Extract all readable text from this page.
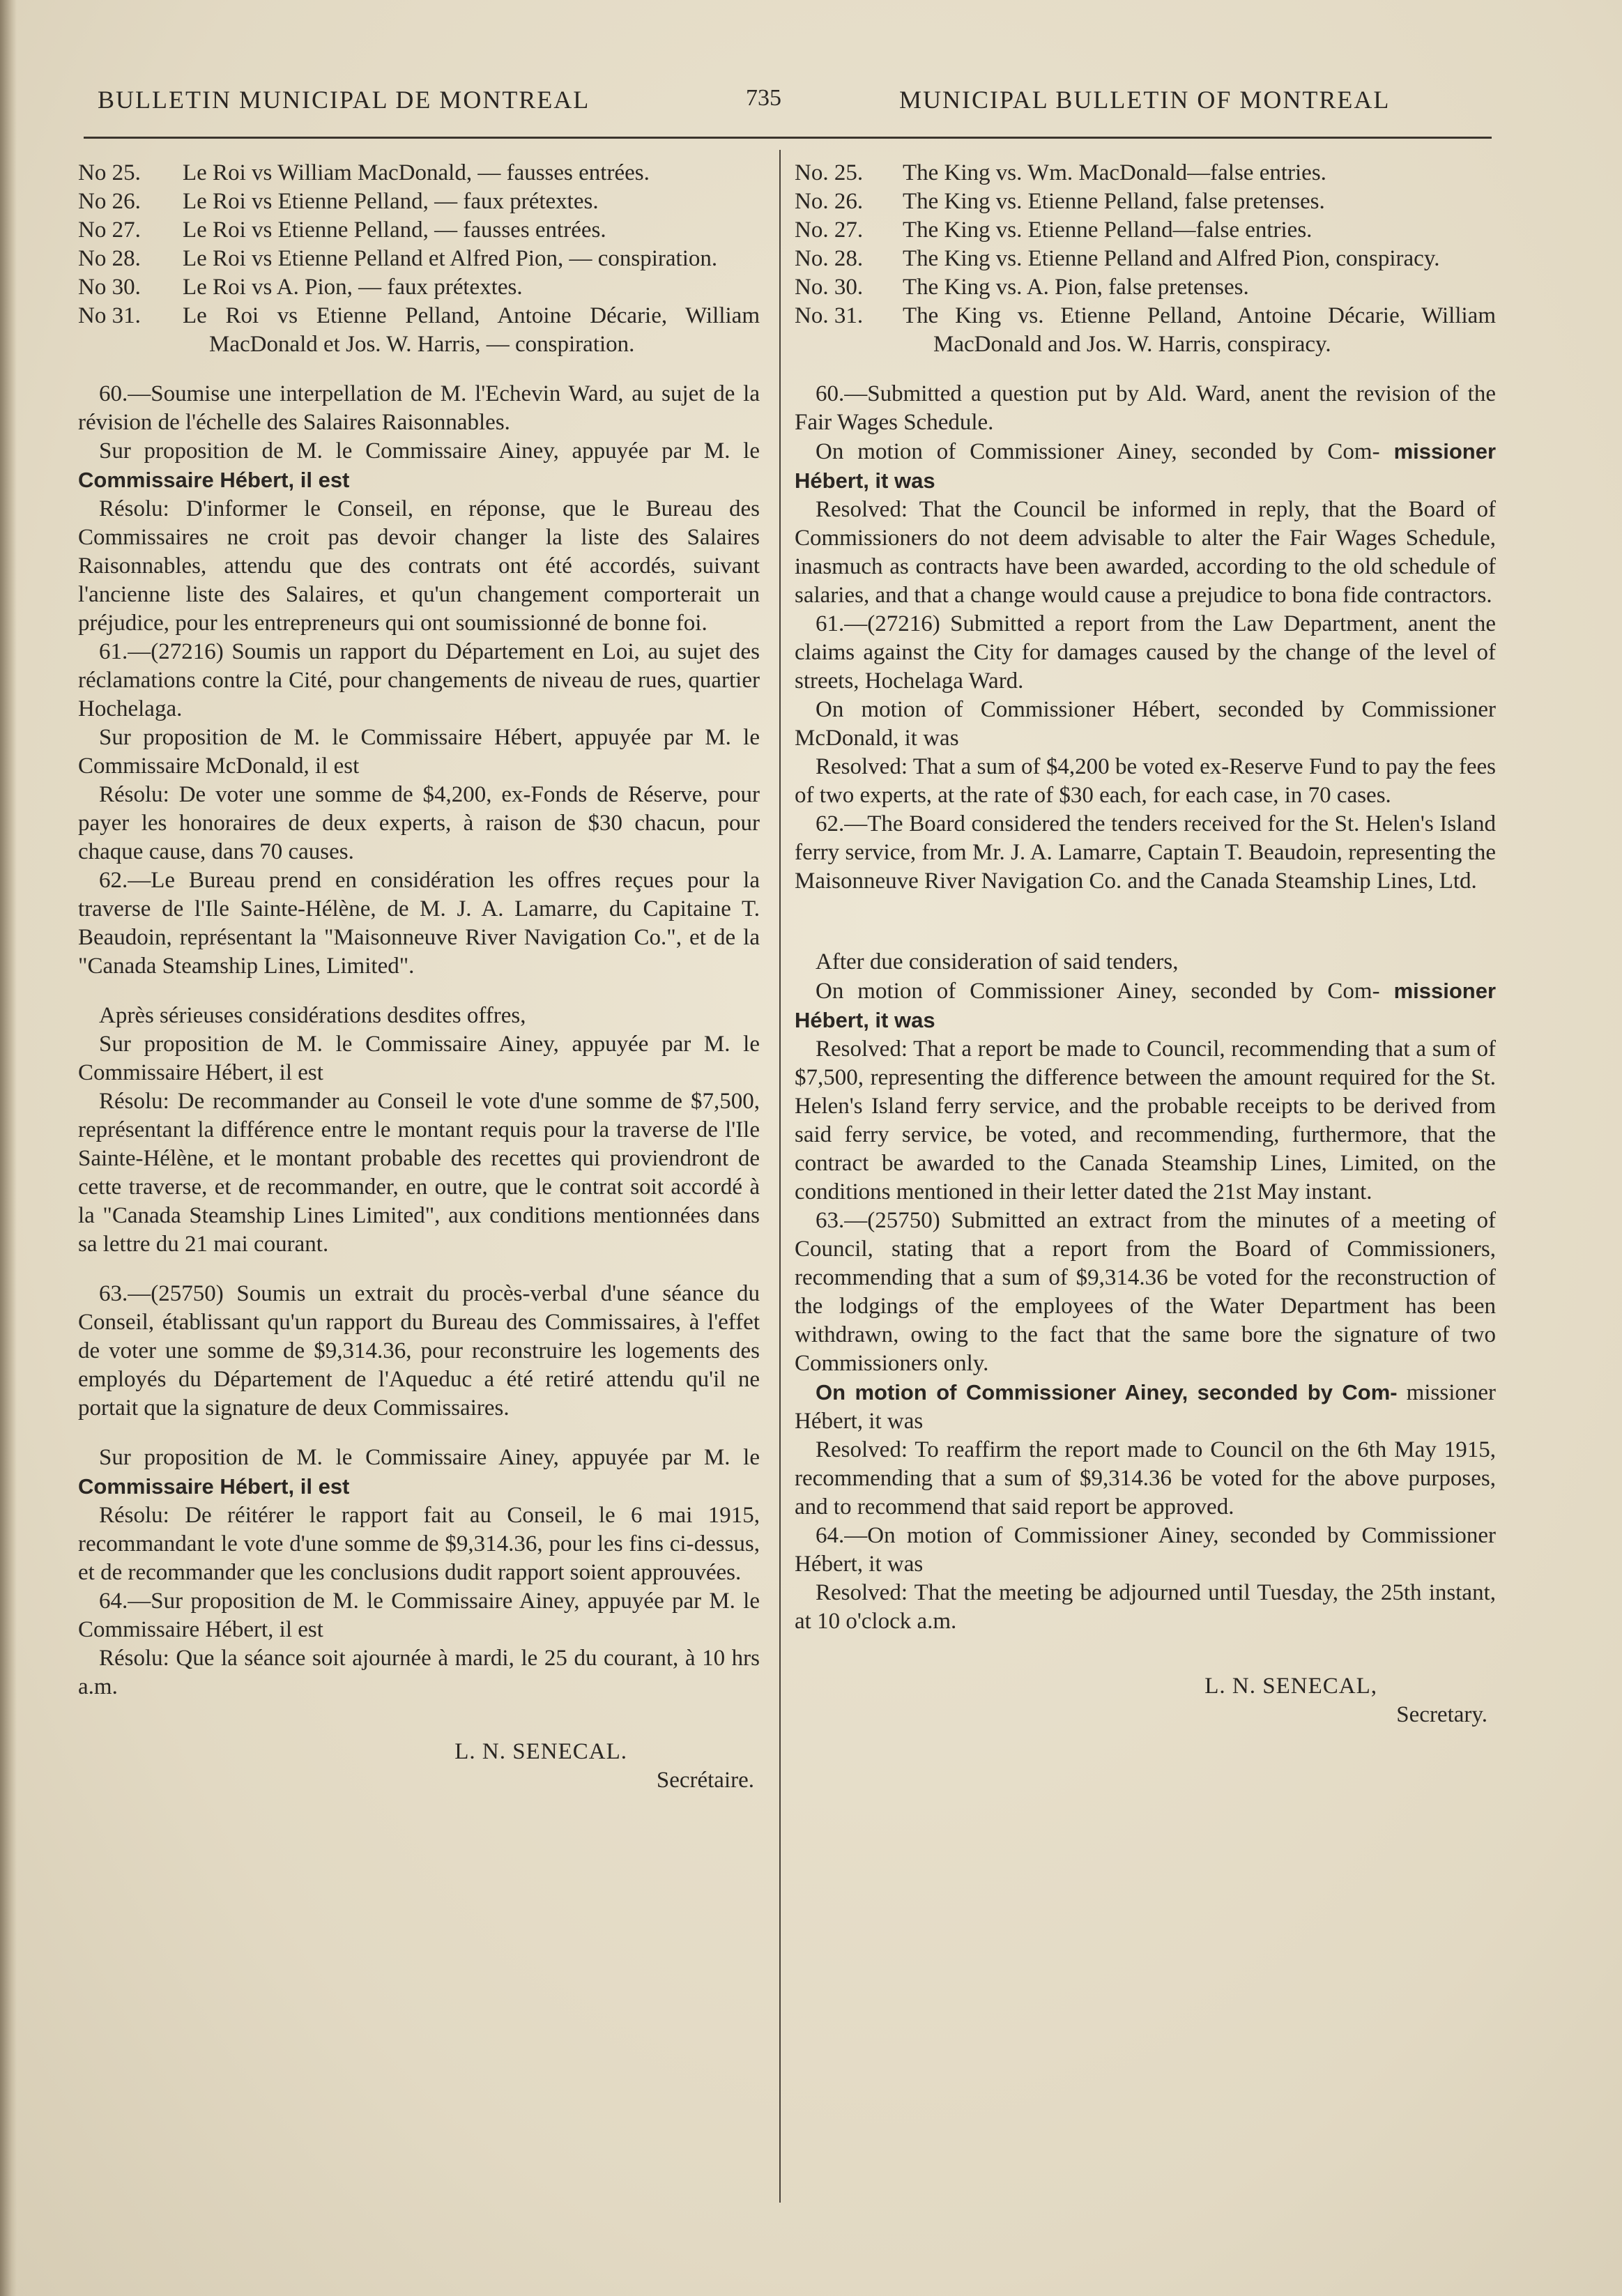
BULLETIN MUNICIPAL DE MONTREAL	735	MUNICIPAL BULLETIN OF MONTREAL
No 25.	Le Roi vs William MacDonald, — fausses entrées.
No 26.	Le Roi vs Etienne Pelland, — faux prétextes.
No 27.	Le Roi vs Etienne Pelland, — fausses entrées.
No 28.	Le Roi vs Etienne Pelland et Alfred Pion, — conspiration.
No 30.	Le Roi vs A. Pion, — faux prétextes.
No 31.	Le Roi vs Etienne Pelland, Antoine Décarie, William MacDonald et Jos. W. Harris, — conspiration.

60.—Soumise une interpellation de M. l'Echevin Ward, au sujet de la révision de l'échelle des Salaires Raisonnables.

Sur proposition de M. le Commissaire Ainey, appuyée par M. le Commissaire Hébert, il est

Résolu: D'informer le Conseil, en réponse, que le Bureau des Commissaires ne croit pas devoir changer la liste des Salaires Raisonnables, attendu que des contrats ont été accordés, suivant l'ancienne liste des Salaires, et qu'un changement comporterait un préjudice, pour les entrepreneurs qui ont soumissionné de bonne foi.

61.—(27216) Soumis un rapport du Département en Loi, au sujet des réclamations contre la Cité, pour changements de niveau de rues, quartier Hochelaga.

Sur proposition de M. le Commissaire Hébert, appuyée par M. le Commissaire McDonald, il est

Résolu: De voter une somme de $4,200, ex-Fonds de Réserve, pour payer les honoraires de deux experts, à raison de $30 chacun, pour chaque cause, dans 70 causes.

62.—Le Bureau prend en considération les offres reçues pour la traverse de l'Ile Sainte-Hélène, de M. J. A. Lamarre, du Capitaine T. Beaudoin, représentant la "Maisonneuve River Navigation Co.", et de la "Canada Steamship Lines, Limited".

Après sérieuses considérations desdites offres,

Sur proposition de M. le Commissaire Ainey, appuyée par M. le Commissaire Hébert, il est

Résolu: De recommander au Conseil le vote d'une somme de $7,500, représentant la différence entre le montant requis pour la traverse de l'Ile Sainte-Hélène, et le montant probable des recettes qui proviendront de cette traverse, et de recommander, en outre, que le contrat soit accordé à la "Canada Steamship Lines Limited", aux conditions mentionnées dans sa lettre du 21 mai courant.

63.—(25750) Soumis un extrait du procès-verbal d'une séance du Conseil, établissant qu'un rapport du Bureau des Commissaires, à l'effet de voter une somme de $9,314.36, pour reconstruire les logements des employés du Département de l'Aqueduc a été retiré attendu qu'il ne portait que la signature de deux Commissaires.

Sur proposition de M. le Commissaire Ainey, appuyée par M. le Commissaire Hébert, il est

Résolu: De réitérer le rapport fait au Conseil, le 6 mai 1915, recommandant le vote d'une somme de $9,314.36, pour les fins ci-dessus, et de recommander que les conclusions dudit rapport soient approuvées.

64.—Sur proposition de M. le Commissaire Ainey, appuyée par M. le Commissaire Hébert, il est

Résolu: Que la séance soit ajournée à mardi, le 25 du courant, à 10 hrs a.m.

L. N. SENECAL.
Secrétaire.
No. 25.	The King vs. Wm. MacDonald—false entries.
No. 26.	The King vs. Etienne Pelland, false pretenses.
No. 27.	The King vs. Etienne Pelland—false entries.
No. 28.	The King vs. Etienne Pelland and Alfred Pion, conspiracy.
No. 30.	The King vs. A. Pion, false pretenses.
No. 31.	The King vs. Etienne Pelland, Antoine Décarie, William MacDonald and Jos. W. Harris, conspiracy.

60.—Submitted a question put by Ald. Ward, anent the revision of the Fair Wages Schedule.

On motion of Commissioner Ainey, seconded by Com- missioner Hébert, it was

Resolved: That the Council be informed in reply, that the Board of Commissioners do not deem advisable to alter the Fair Wages Schedule, inasmuch as contracts have been awarded, according to the old schedule of salaries, and that a change would cause a prejudice to bona fide contractors.

61.—(27216) Submitted a report from the Law Department, anent the claims against the City for damages caused by the change of the level of streets, Hochelaga Ward.

On motion of Commissioner Hébert, seconded by Commissioner McDonald, it was

Resolved: That a sum of $4,200 be voted ex-Reserve Fund to pay the fees of two experts, at the rate of $30 each, for each case, in 70 cases.

62.—The Board considered the tenders received for the St. Helen's Island ferry service, from Mr. J. A. Lamarre, Captain T. Beaudoin, representing the Maisonneuve River Navigation Co. and the Canada Steamship Lines, Ltd.

After due consideration of said tenders,

On motion of Commissioner Ainey, seconded by Com- missioner Hébert, it was

Resolved: That a report be made to Council, recommending that a sum of $7,500, representing the difference between the amount required for the St. Helen's Island ferry service, and the probable receipts to be derived from said ferry service, be voted, and recommending, furthermore, that the contract be awarded to the Canada Steamship Lines, Limited, on the conditions mentioned in their letter dated the 21st May instant.

63.—(25750) Submitted an extract from the minutes of a meeting of Council, stating that a report from the Board of Commissioners, recommending that a sum of $9,314.36 be voted for the reconstruction of the lodgings of the employees of the Water Department has been withdrawn, owing to the fact that the same bore the signature of two Commissioners only.

On motion of Commissioner Ainey, seconded by Com- missioner Hébert, it was

Resolved: To reaffirm the report made to Council on the 6th May 1915, recommending that a sum of $9,314.36 be voted for the above purposes, and to recommend that said report be approved.

64.—On motion of Commissioner Ainey, seconded by Commissioner Hébert, it was

Resolved: That the meeting be adjourned until Tuesday, the 25th instant, at 10 o'clock a.m.

L. N. SENECAL,
Secretary.
